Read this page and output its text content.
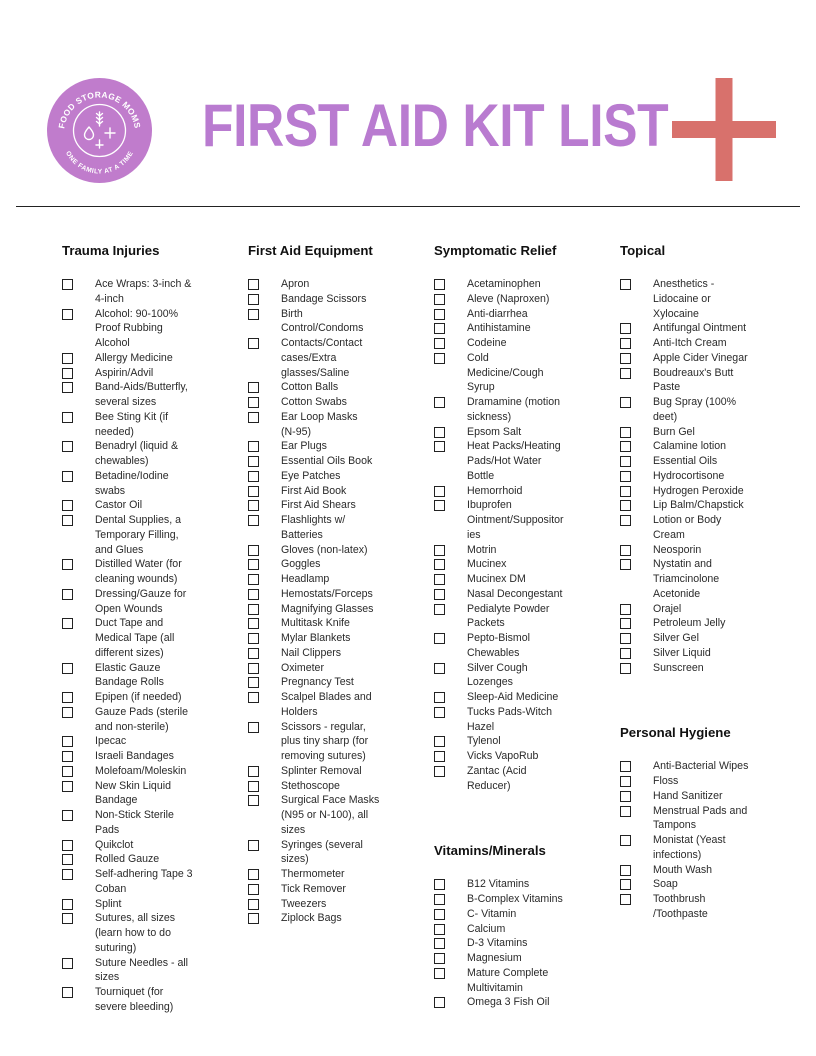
FOOD STORAGE MOMS
ONE FAMILY AT A TIME FIRST AID KIT LIST
Trauma Injuries
Ace Wraps: 3-inch &
4-inch
Alcohol: 90-100%
Proof Rubbing
Alcohol
Allergy Medicine
Aspirin/Advil
Band-Aids/Butterfly,
several sizes
Bee Sting Kit (if
needed)
Benadryl (liquid &
chewables)
Betadine/Iodine
swabs
Castor Oil
Dental Supplies, a
Temporary Filling,
and Glues
Distilled Water (for
cleaning wounds)
Dressing/Gauze for
Open Wounds
Duct Tape and
Medical Tape (all
different sizes)
Elastic Gauze
Bandage Rolls
Epipen (if needed)
Gauze Pads (sterile
and non-sterile)
Ipecac
Israeli Bandages
Molefoam/Moleskin
New Skin Liquid
Bandage
Non-Stick Sterile
Pads
Quikclot
Rolled Gauze
Self-adhering Tape 3
Coban
Splint
Sutures, all sizes
(learn how to do
suturing)
Suture Needles - all
sizes
Tourniquet (for
severe bleeding)
First Aid Equipment
Apron
Bandage Scissors
Birth
Control/Condoms
Contacts/Contact
cases/Extra
glasses/Saline
Cotton Balls
Cotton Swabs
Ear Loop Masks
(N-95)
Ear Plugs
Essential Oils Book
Eye Patches
First Aid Book
First Aid Shears
Flashlights w/
Batteries
Gloves (non-latex)
Goggles
Headlamp
Hemostats/Forceps
Magnifying Glasses
Multitask Knife
Mylar Blankets
Nail Clippers
Oximeter
Pregnancy Test
Scalpel Blades and
Holders
Scissors - regular,
plus tiny sharp (for
removing sutures)
Splinter Removal
Stethoscope
Surgical Face Masks
(N95 or N-100), all
sizes
Syringes (several
sizes)
Thermometer
Tick Remover
Tweezers
Ziplock Bags
Symptomatic Relief
Acetaminophen
Aleve (Naproxen)
Anti-diarrhea
Antihistamine
Codeine
Cold
Medicine/Cough
Syrup
Dramamine (motion
sickness)
Epsom Salt
Heat Packs/Heating
Pads/Hot Water
Bottle
Hemorrhoid
Ibuprofen
Ointment/Suppositor
ies
Motrin
Mucinex
Mucinex DM
Nasal Decongestant
Pedialyte Powder
Packets
Pepto-Bismol
Chewables
Silver Cough
Lozenges
Sleep-Aid Medicine
Tucks Pads-Witch
Hazel
Tylenol
Vicks VapoRub
Zantac (Acid
Reducer)
Vitamins/Minerals
B12 Vitamins
B-Complex Vitamins
C- Vitamin
Calcium
D-3 Vitamins
Magnesium
Mature Complete
Multivitamin
Omega 3 Fish Oil
Topical
Anesthetics -
Lidocaine or
Xylocaine
Antifungal Ointment
Anti-Itch Cream
Apple Cider Vinegar
Boudreaux's Butt
Paste
Bug Spray (100%
deet)
Burn Gel
Calamine lotion
Essential Oils
Hydrocortisone
Hydrogen Peroxide
Lip Balm/Chapstick
Lotion or Body
Cream
Neosporin
Nystatin and
Triamcinolone
Acetonide
Orajel
Petroleum Jelly
Silver Gel
Silver Liquid
Sunscreen
Personal Hygiene
Anti-Bacterial Wipes
Floss
Hand Sanitizer
Menstrual Pads and
Tampons
Monistat (Yeast
infections)
Mouth Wash
Soap
Toothbrush
/Toothpaste
